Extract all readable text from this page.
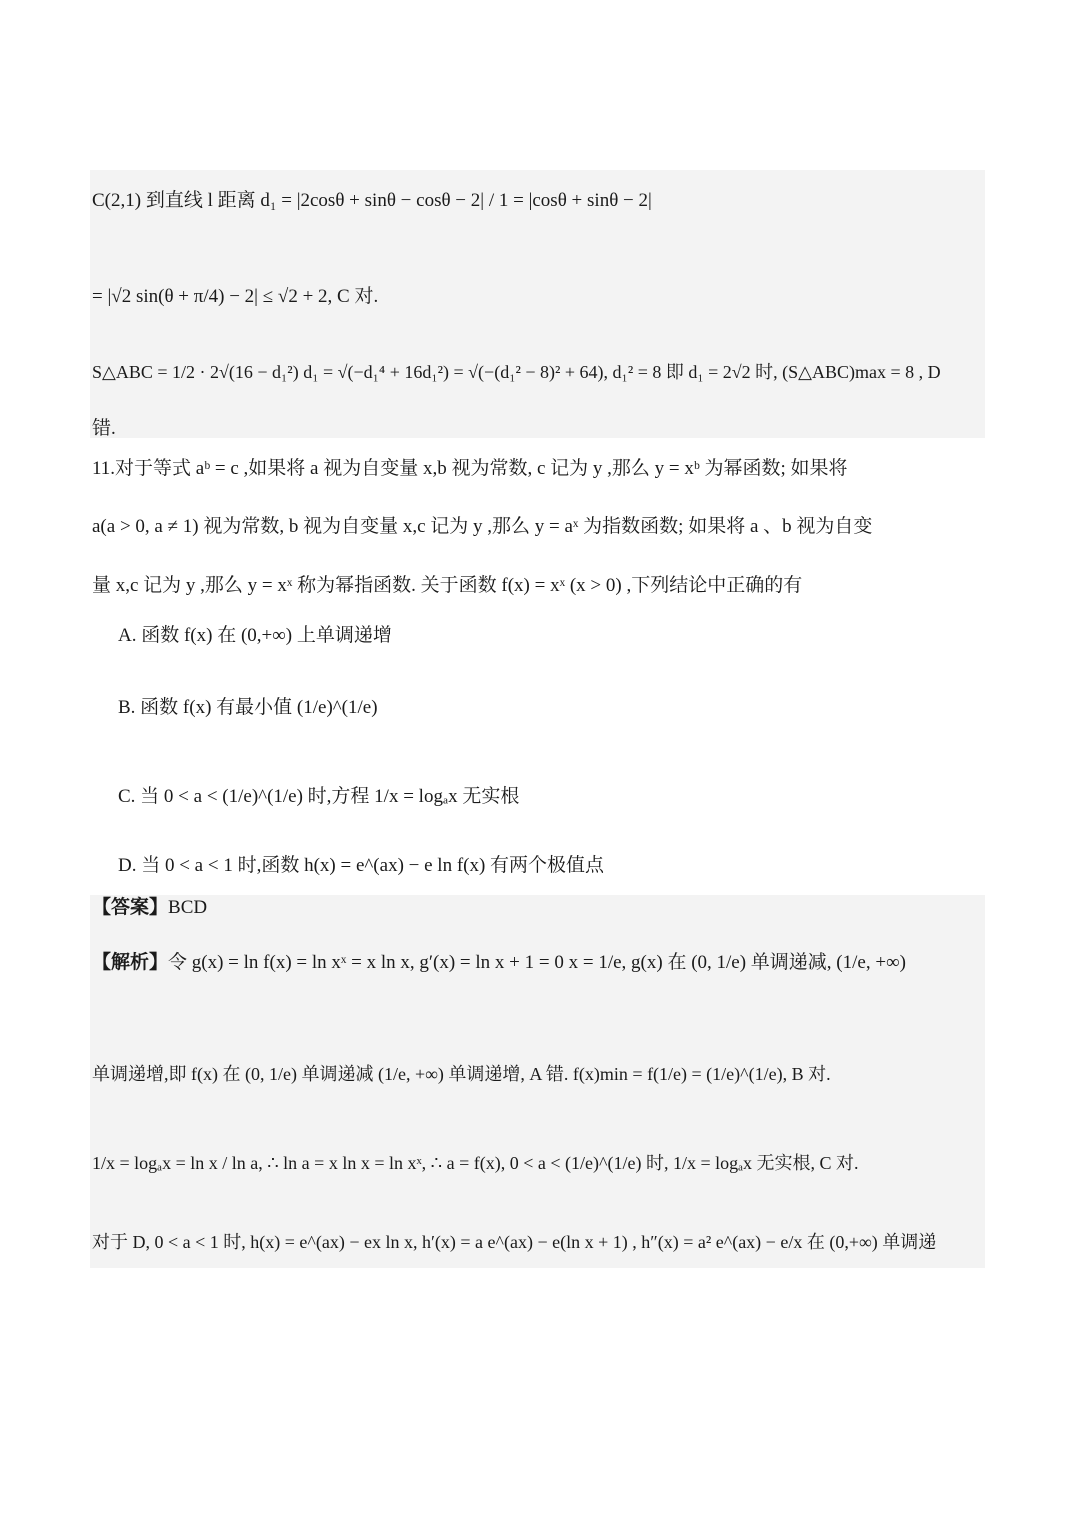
C(2,1) 到直线 l 距离 d₁ = |2cosθ + sinθ − cosθ − 2| / 1 = |cosθ + sinθ − 2|
= |√2 sin(θ + π/4) − 2| ≤ √2 + 2, C 对.
S△ABC = 1/2 · 2√(16 − d₁²) d₁ = √(−d₁⁴ + 16d₁²) = √(−(d₁² − 8)² + 64), d₁² = 8 即 d₁ = 2√2 时, (S△ABC)max = 8 , D
错.
11.对于等式 aᵇ = c ,如果将 a 视为自变量 x,b 视为常数, c 记为 y ,那么 y = xᵇ 为幂函数; 如果将
a(a > 0, a ≠ 1) 视为常数, b 视为自变量 x,c 记为 y ,那么 y = aˣ 为指数函数; 如果将 a 、b 视为自变
量 x,c 记为 y ,那么 y = xˣ 称为幂指函数. 关于函数 f(x) = xˣ (x > 0) ,下列结论中正确的有
A. 函数 f(x) 在 (0,+∞) 上单调递增
B. 函数 f(x) 有最小值 (1/e)^(1/e)
C. 当 0 < a < (1/e)^(1/e) 时,方程 1/x = logₐx 无实根
D. 当 0 < a < 1 时,函数 h(x) = e^(ax) − e ln f(x) 有两个极值点
【答案】BCD
【解析】令 g(x) = ln f(x) = ln xˣ = x ln x, g′(x) = ln x + 1 = 0 x = 1/e, g(x) 在 (0, 1/e) 单调递减, (1/e, +∞)
单调递增,即 f(x) 在 (0, 1/e) 单调递减 (1/e, +∞) 单调递增, A 错. f(x)min = f(1/e) = (1/e)^(1/e), B 对.
1/x = logₐx = ln x / ln a, ∴ ln a = x ln x = ln xˣ, ∴ a = f(x), 0 < a < (1/e)^(1/e) 时, 1/x = logₐx 无实根, C 对.
对于 D, 0 < a < 1 时, h(x) = e^(ax) − ex ln x, h′(x) = a e^(ax) − e(ln x + 1) , h″(x) = a² e^(ax) − e/x 在 (0,+∞) 单调递
